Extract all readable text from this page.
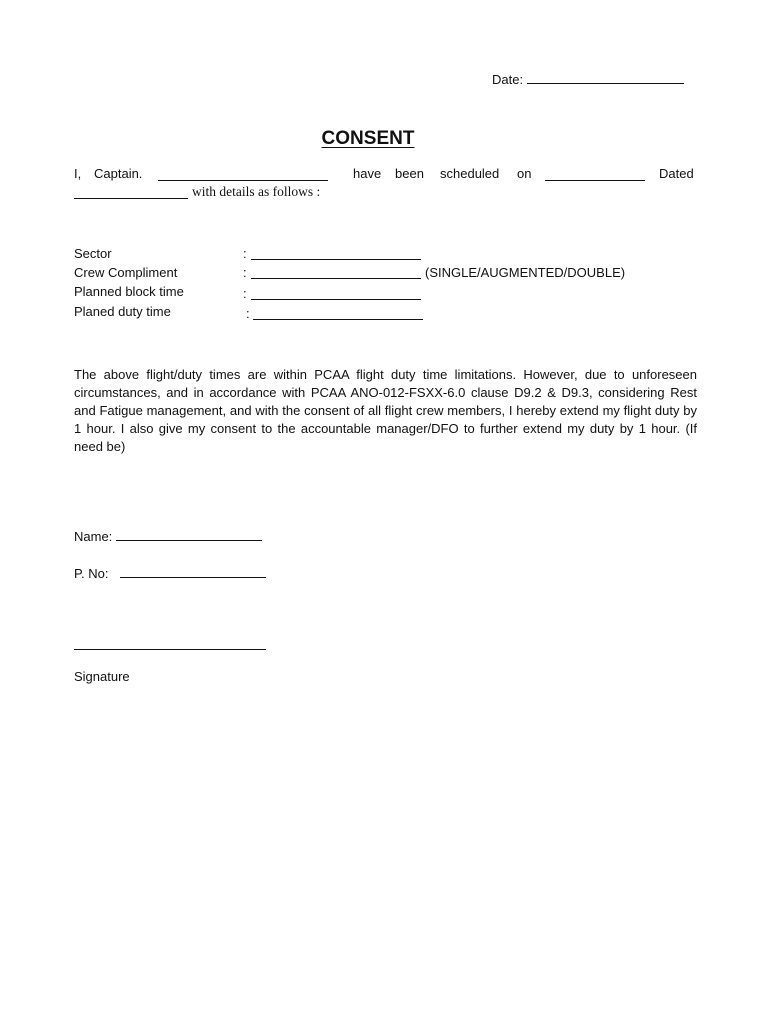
Date:
CONSENT
I, Captain.	have been scheduled on	Dated
with details as follows :
Sector	:
Crew Compliment	:	(SINGLE/AUGMENTED/DOUBLE)
Planned block time	:
Planed duty time	:

The above flight/duty times are within PCAA flight duty time limitations. However, due to unforeseen circumstances, and in accordance with PCAA ANO-012-FSXX-6.0 clause D9.2 & D9.3, considering Rest and Fatigue management, and with the consent of all flight crew members, I hereby extend my flight duty by 1 hour. I also give my consent to the accountable manager/DFO to further extend my duty by 1 hour. (If need be)

Name:
P. No:
Signature
